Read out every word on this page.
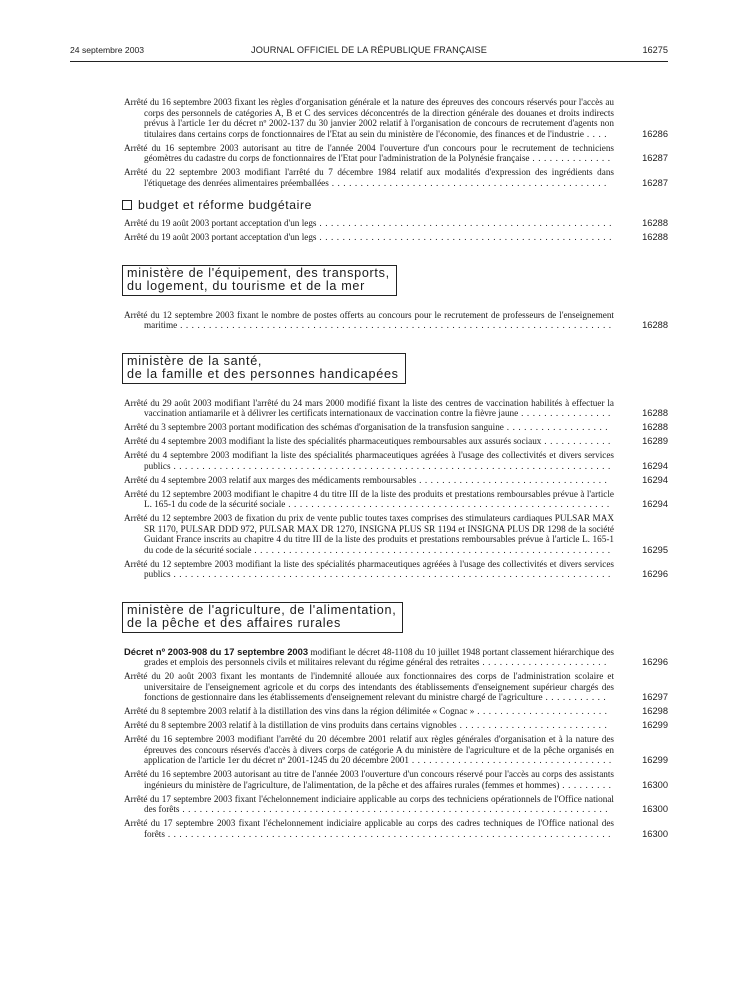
24 septembre 2003	JOURNAL OFFICIEL DE LA RÉPUBLIQUE FRANÇAISE	16275
Arrêté du 16 septembre 2003 fixant les règles d'organisation générale et la nature des épreuves des concours réservés pour l'accès au corps des personnels de catégories A, B et C des services déconcentrés de la direction générale des douanes et droits indirects prévus à l'article 1er du décret nº 2002-137 du 30 janvier 2002 relatif à l'organisation de concours de recrutement d'agents non titulaires dans certains corps de fonctionnaires de l'Etat au sein du ministère de l'économie, des finances et de l'industrie . . . .	16286
Arrêté du 16 septembre 2003 autorisant au titre de l'année 2004 l'ouverture d'un concours pour le recrutement de techniciens géomètres du cadastre du corps de fonctionnaires de l'Etat pour l'administration de la Polynésie française . . . . . . . . . . . . . .	16287
Arrêté du 22 septembre 2003 modifiant l'arrêté du 7 décembre 1984 relatif aux modalités d'expression des ingrédients dans l'étiquetage des denrées alimentaires préemballées . . . . . . . . . . . . . . . . . . . . . . . . . . . . . . . . . . . . . . . . . . . . . . . .	16287
budget et réforme budgétaire
Arrêté du 19 août 2003 portant acceptation d'un legs . . . . . . . . . . . . . . . . . . . . . . . . . . . . . . . . . . . . . . . . . . . . . . . . . . .	16288
Arrêté du 19 août 2003 portant acceptation d'un legs . . . . . . . . . . . . . . . . . . . . . . . . . . . . . . . . . . . . . . . . . . . . . . . . . . .	16288
ministère de l'équipement, des transports,
du logement, du tourisme et de la mer
Arrêté du 12 septembre 2003 fixant le nombre de postes offerts au concours pour le recrutement de professeurs de l'enseignement maritime . . . . . . . . . . . . . . . . . . . . . . . . . . . . . . . . . . . . . . . . . . . . . . . . . . . . . . . . . . . . . . . . . . . . . . . . . . .	16288
ministère de la santé,
de la famille et des personnes handicapées
Arrêté du 29 août 2003 modifiant l'arrêté du 24 mars 2000 modifié fixant la liste des centres de vaccination habilités à effectuer la vaccination antiamarile et à délivrer les certificats internationaux de vaccination contre la fièvre jaune . . . . . . . . . . . . . . . .	16288
Arrêté du 3 septembre 2003 portant modification des schémas d'organisation de la transfusion sanguine . . . . . . . . . . . . . . . . . .	16288
Arrêté du 4 septembre 2003 modifiant la liste des spécialités pharmaceutiques remboursables aux assurés sociaux . . . . . . . . . . . .	16289
Arrêté du 4 septembre 2003 modifiant la liste des spécialités pharmaceutiques agréées à l'usage des collectivités et divers services publics . . . . . . . . . . . . . . . . . . . . . . . . . . . . . . . . . . . . . . . . . . . . . . . . . . . . . . . . . . . . . . . . . . . . . . . . . . . .	16294
Arrêté du 4 septembre 2003 relatif aux marges des médicaments remboursables . . . . . . . . . . . . . . . . . . . . . . . . . . . . . . . . .	16294
Arrêté du 12 septembre 2003 modifiant le chapitre 4 du titre III de la liste des produits et prestations remboursables prévue à l'article L. 165-1 du code de la sécurité sociale . . . . . . . . . . . . . . . . . . . . . . . . . . . . . . . . . . . . . . . . . . . . . . . . . . . . . . . .	16294
Arrêté du 12 septembre 2003 de fixation du prix de vente public toutes taxes comprises des stimulateurs cardiaques PULSAR MAX SR 1170, PULSAR DDD 972, PULSAR MAX DR 1270, INSIGNA PLUS SR 1194 et INSIGNA PLUS DR 1298 de la société Guidant France inscrits au chapitre 4 du titre III de la liste des produits et prestations remboursables prévue à l'article L. 165-1 du code de la sécurité sociale . . . . . . . . . . . . . . . . . . . . . . . . . . . . . . . . . . . . . . . . . . . . . . . . . . . . . . . . . . . . . .	16295
Arrêté du 12 septembre 2003 modifiant la liste des spécialités pharmaceutiques agréées à l'usage des collectivités et divers services publics . . . . . . . . . . . . . . . . . . . . . . . . . . . . . . . . . . . . . . . . . . . . . . . . . . . . . . . . . . . . . . . . . . . . . . . . . . . .	16296
ministère de l'agriculture, de l'alimentation,
de la pêche et des affaires rurales
Décret nº 2003-908 du 17 septembre 2003 modifiant le décret 48-1108 du 10 juillet 1948 portant classement hiérarchique des grades et emplois des personnels civils et militaires relevant du régime général des retraites . . . . . . . . . . . . . . . . . . . . . .	16296
Arrêté du 20 août 2003 fixant les montants de l'indemnité allouée aux fonctionnaires des corps de l'administration scolaire et universitaire de l'enseignement agricole et du corps des intendants des établissements d'enseignement supérieur chargés des fonctions de gestionnaire dans les établissements d'enseignement relevant du ministre chargé de l'agriculture . . . . . . . . . . .	16297
Arrêté du 8 septembre 2003 relatif à la distillation des vins dans la région délimitée « Cognac » . . . . . . . . . . . . . . . . . . . . . . .	16298
Arrêté du 8 septembre 2003 relatif à la distillation de vins produits dans certains vignobles . . . . . . . . . . . . . . . . . . . . . . . . . .	16299
Arrêté du 16 septembre 2003 modifiant l'arrêté du 20 décembre 2001 relatif aux règles générales d'organisation et à la nature des épreuves des concours réservés d'accès à divers corps de catégorie A du ministère de l'agriculture et de la pêche organisés en application de l'article 1er du décret nº 2001-1245 du 20 décembre 2001 . . . . . . . . . . . . . . . . . . . . . . . . . . . . . . . . . . .	16299
Arrêté du 16 septembre 2003 autorisant au titre de l'année 2003 l'ouverture d'un concours réservé pour l'accès au corps des assistants ingénieurs du ministère de l'agriculture, de l'alimentation, de la pêche et des affaires rurales (femmes et hommes) . . . . . . . . .	16300
Arrêté du 17 septembre 2003 fixant l'échelonnement indiciaire applicable au corps des techniciens opérationnels de l'Office national des forêts . . . . . . . . . . . . . . . . . . . . . . . . . . . . . . . . . . . . . . . . . . . . . . . . . . . . . . . . . . . . . . . . . . . . . . . . . .	16300
Arrêté du 17 septembre 2003 fixant l'échelonnement indiciaire applicable au corps des cadres techniques de l'Office national des forêts . . . . . . . . . . . . . . . . . . . . . . . . . . . . . . . . . . . . . . . . . . . . . . . . . . . . . . . . . . . . . . . . . . . . . . . . . . . . .	16300
